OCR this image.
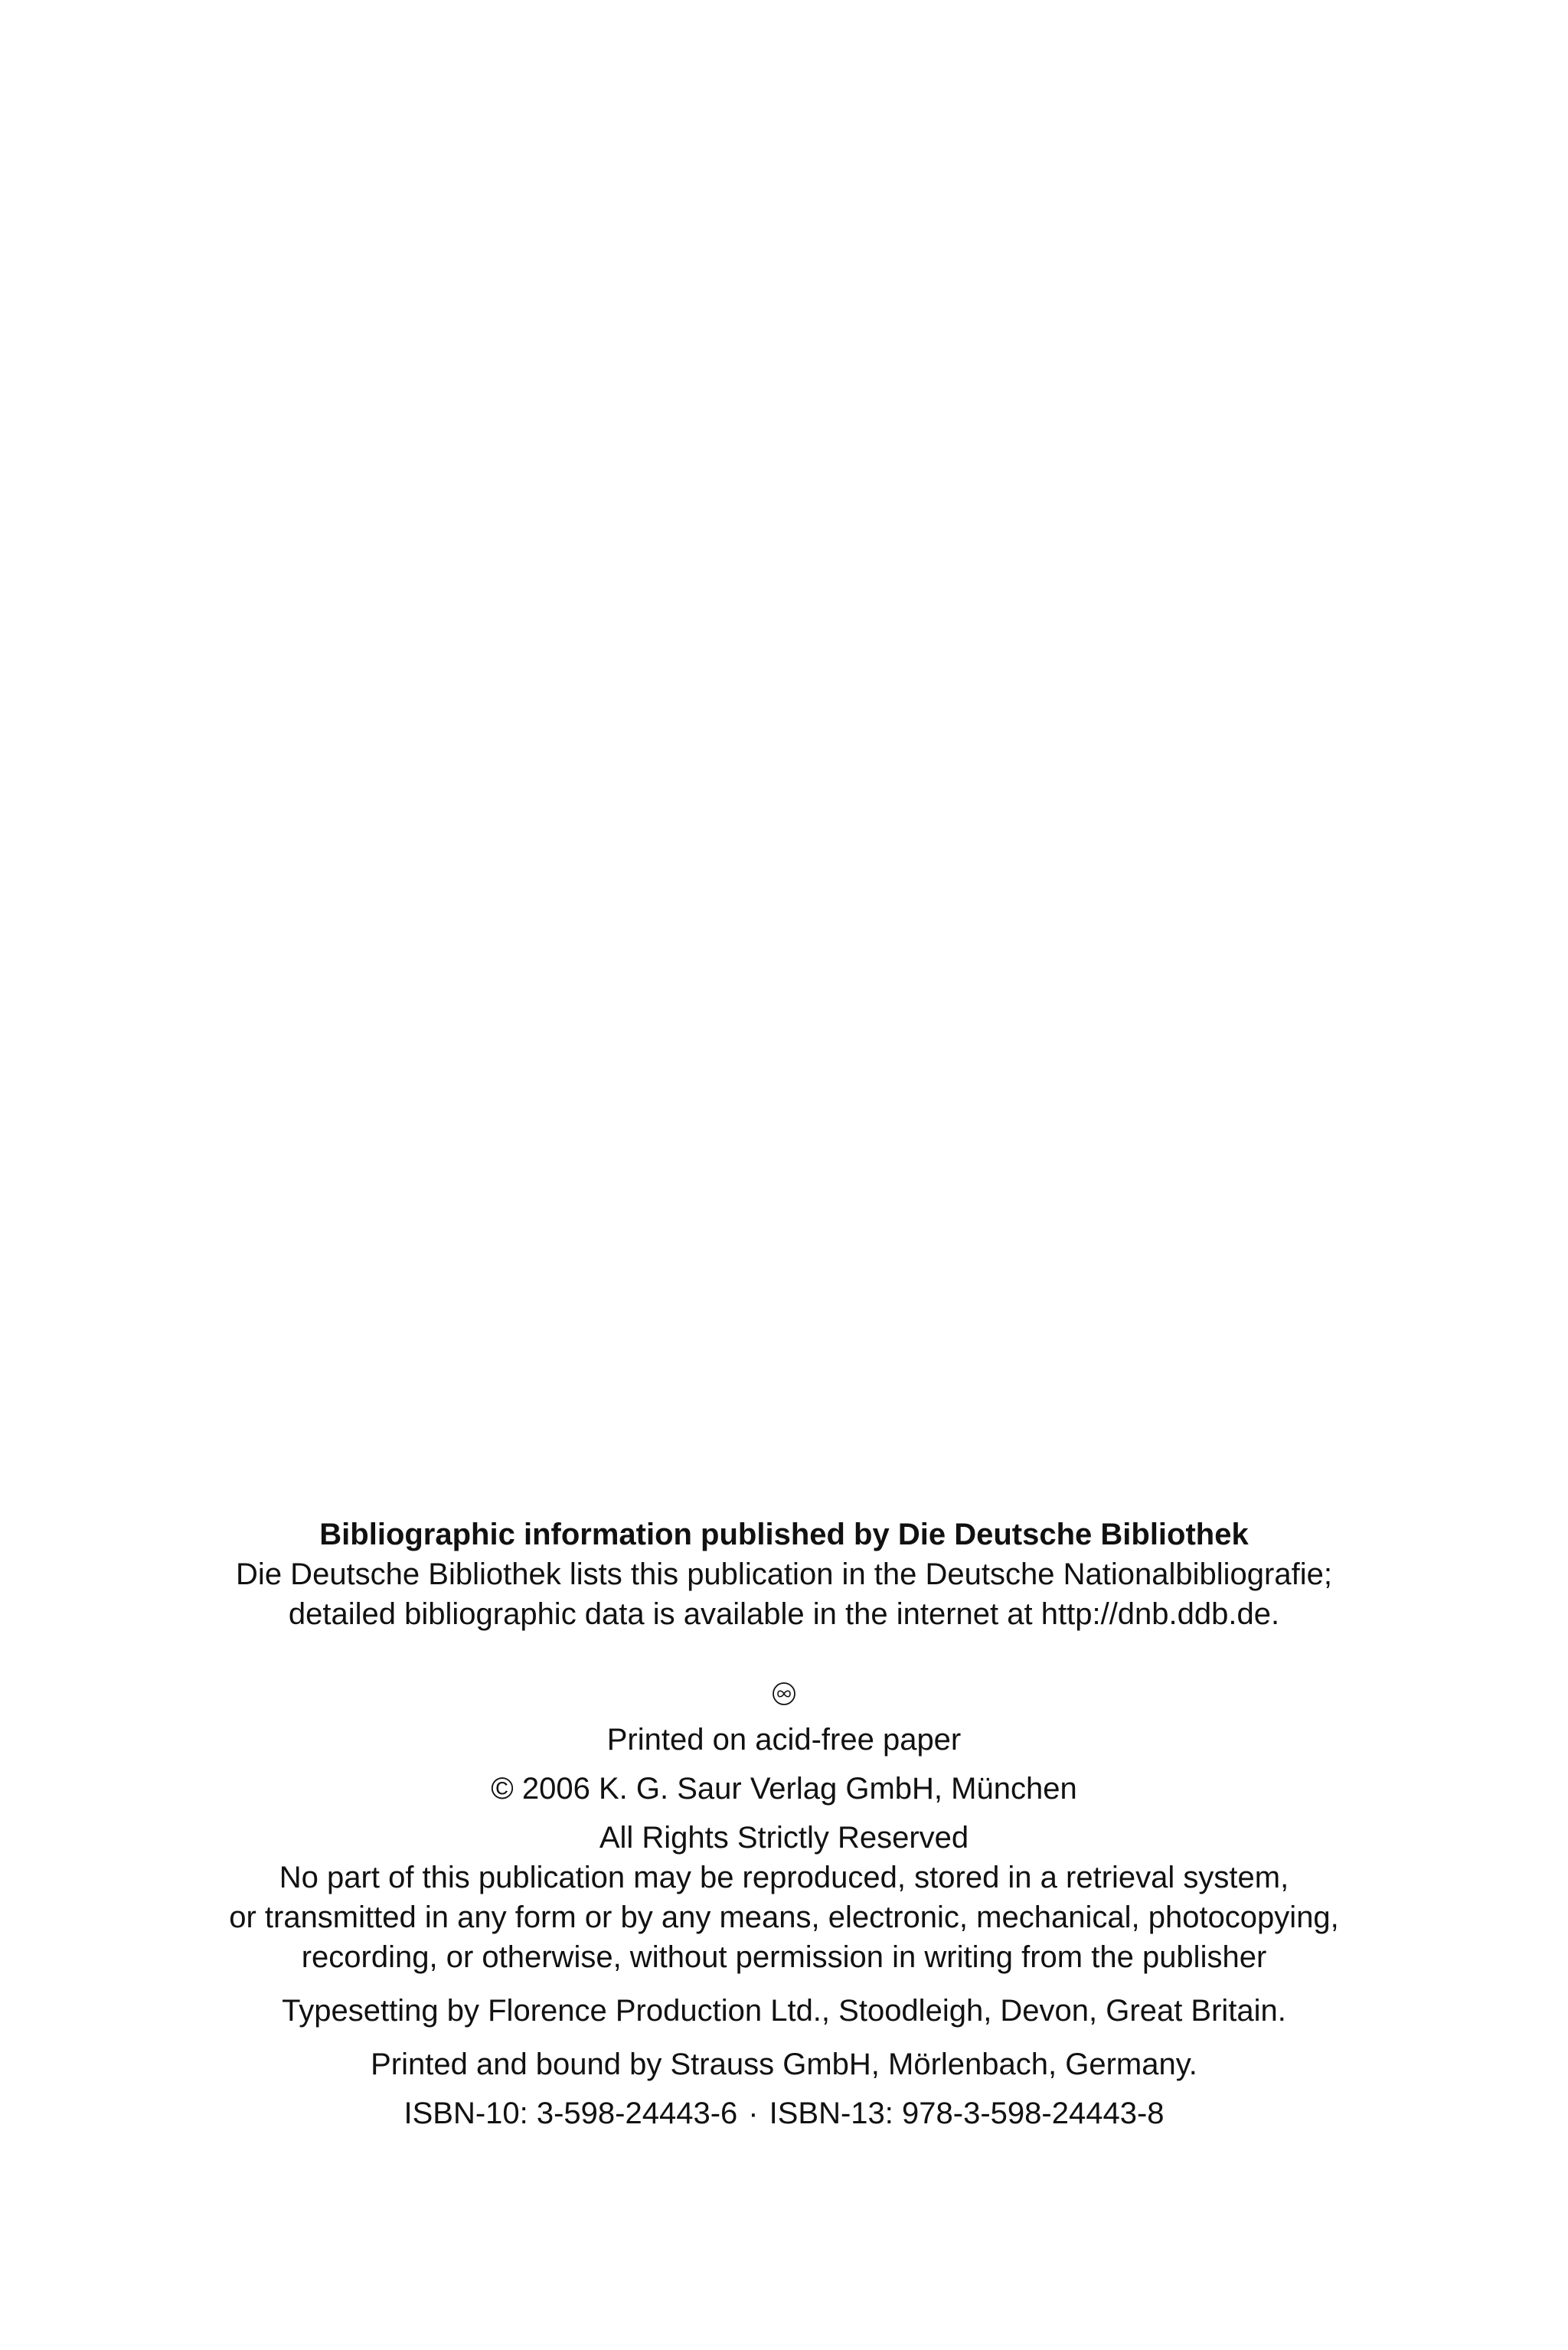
Bibliographic information published by Die Deutsche Bibliothek
Die Deutsche Bibliothek lists this publication in the Deutsche Nationalbibliografie;
detailed bibliographic data is available in the internet at http://dnb.ddb.de.
Printed on acid-free paper
© 2006 K. G. Saur Verlag GmbH, München
All Rights Strictly Reserved
No part of this publication may be reproduced, stored in a retrieval system,
or transmitted in any form or by any means, electronic, mechanical, photocopying,
recording, or otherwise, without permission in writing from the publisher
Typesetting by Florence Production Ltd., Stoodleigh, Devon, Great Britain.
Printed and bound by Strauss GmbH, Mörlenbach, Germany.
ISBN-10: 3-598-24443-6 · ISBN-13: 978-3-598-24443-8
